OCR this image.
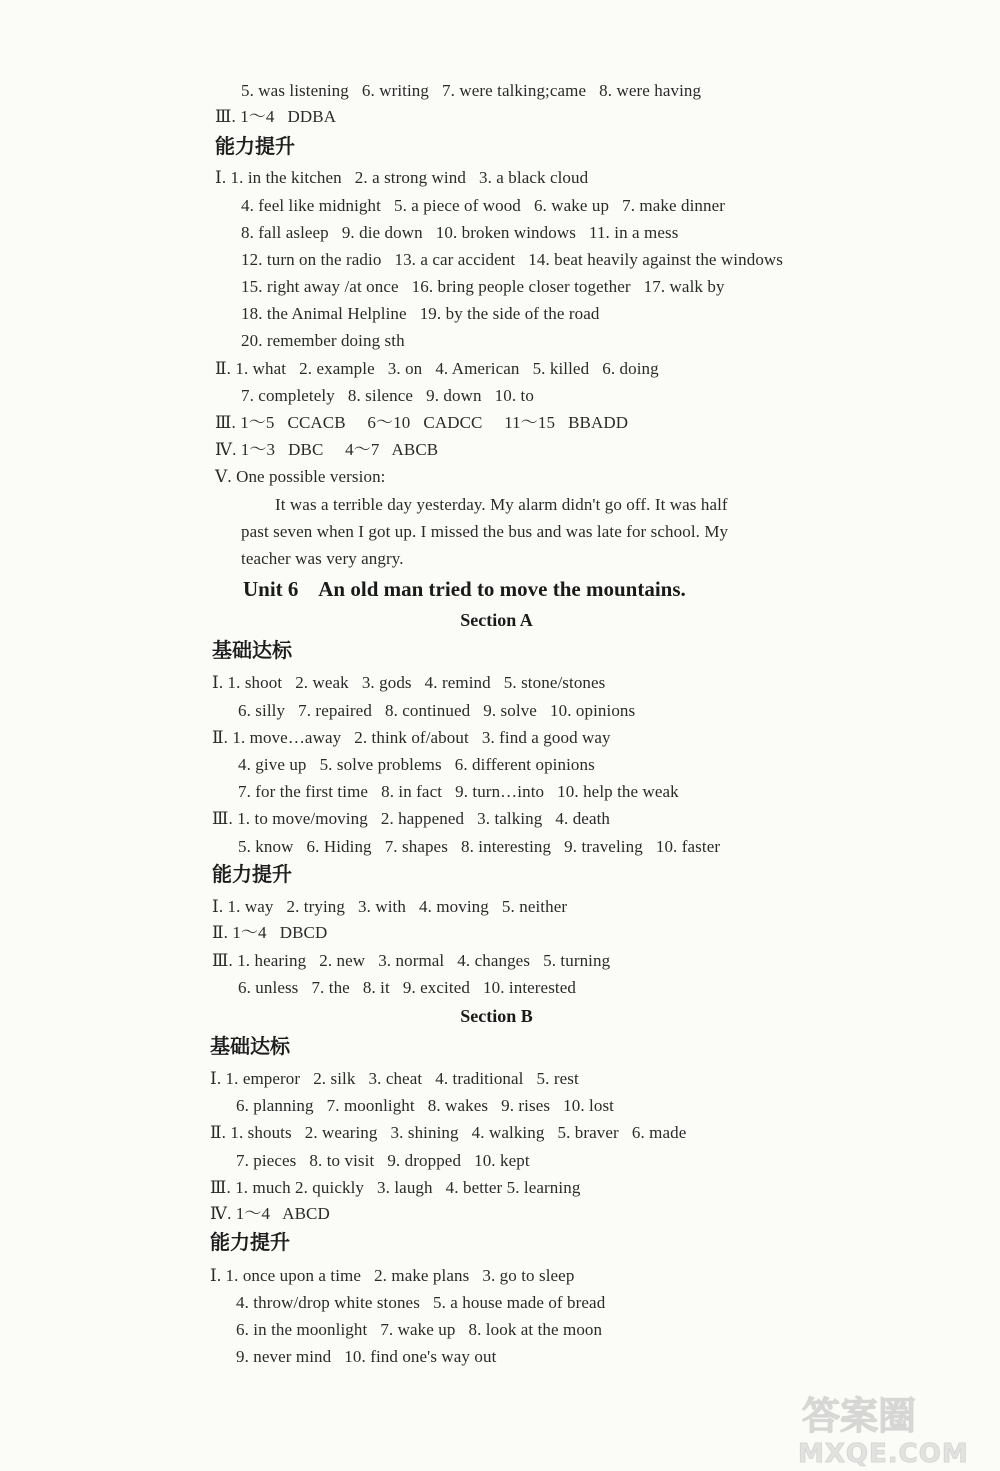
Unit 6    An old man tried to move the mountains.
5. was listening   6. writing   7. were talking;came   8. were having
Ⅲ. 1～4   DDBA
Ⅰ. 1. in the kitchen   2. a strong wind   3. a black cloud
4. feel like midnight   5. a piece of wood   6. wake up   7. make dinner
8. fall asleep   9. die down   10. broken windows   11. in a mess
12. turn on the radio   13. a car accident   14. beat heavily against the windows
15. right away /at once   16. bring people closer together   17. walk by
18. the Animal Helpline   19. by the side of the road
20. remember doing sth
Ⅱ. 1. what   2. example   3. on   4. American   5. killed   6. doing
7. completely   8. silence   9. down   10. to
Ⅲ. 1～5   CCACB     6～10   CADCC     11～15   BBADD
Ⅳ. 1～3   DBC     4～7   ABCB
Ⅴ. One possible version:
It was a terrible day yesterday. My alarm didn't go off. It was half
past seven when I got up. I missed the bus and was late for school. My
teacher was very angry.
Ⅰ. 1. shoot   2. weak   3. gods   4. remind   5. stone/stones
6. silly   7. repaired   8. continued   9. solve   10. opinions
Ⅱ. 1. move…away   2. think of/about   3. find a good way
4. give up   5. solve problems   6. different opinions
7. for the first time   8. in fact   9. turn…into   10. help the weak
Ⅲ. 1. to move/moving   2. happened   3. talking   4. death
5. know   6. Hiding   7. shapes   8. interesting   9. traveling   10. faster
Ⅰ. 1. way   2. trying   3. with   4. moving   5. neither
Ⅱ. 1～4   DBCD
Ⅲ. 1. hearing   2. new   3. normal   4. changes   5. turning
6. unless   7. the   8. it   9. excited   10. interested
Ⅰ. 1. emperor   2. silk   3. cheat   4. traditional   5. rest
6. planning   7. moonlight   8. wakes   9. rises   10. lost
Ⅱ. 1. shouts   2. wearing   3. shining   4. walking   5. braver   6. made
7. pieces   8. to visit   9. dropped   10. kept
Ⅲ. 1. much 2. quickly   3. laugh   4. better 5. learning
Ⅳ. 1～4   ABCD
Ⅰ. 1. once upon a time   2. make plans   3. go to sleep
4. throw/drop white stones   5. a house made of bread
6. in the moonlight   7. wake up   8. look at the moon
9. never mind   10. find one's way out
能力提升
基础达标
能力提升
基础达标
能力提升
Section A
Section B
答案圈
MXQE.COM
